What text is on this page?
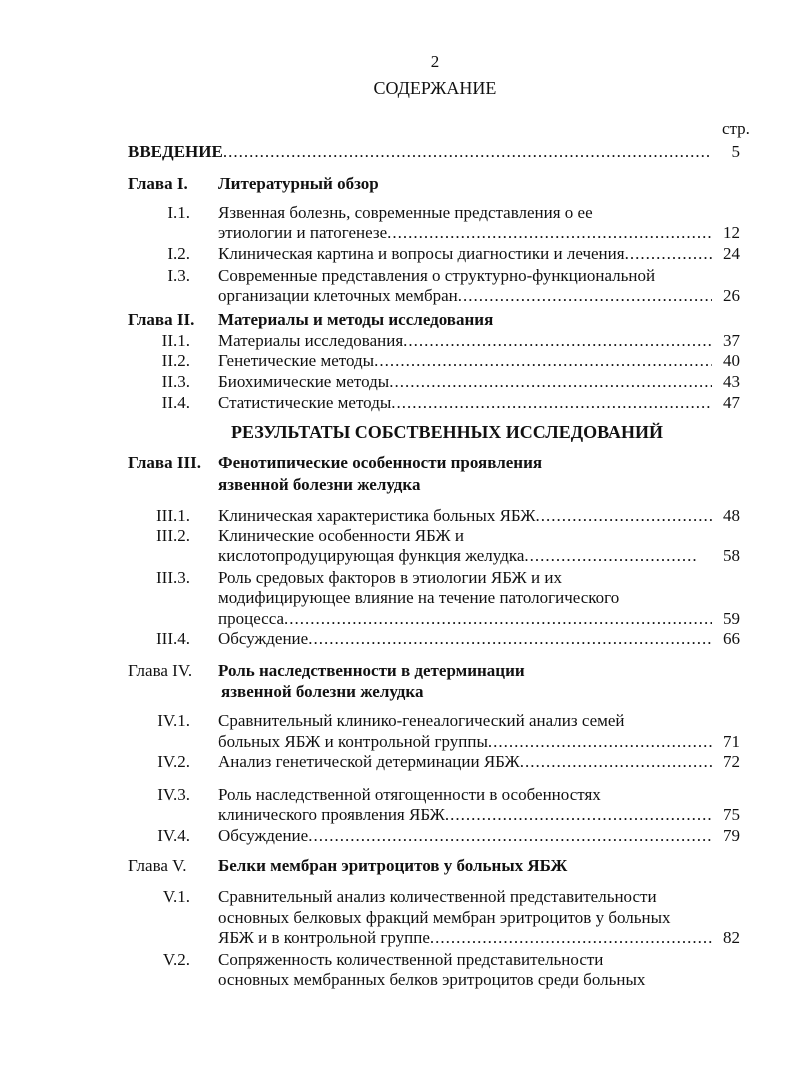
2
СОДЕРЖАНИЕ
стр.
ВВЕДЕНИЕ .....	5
Глава I. Литературный обзор
I.1. Язвенная болезнь, современные представления о ее
этиологии и патогенезе .....	12
I.2. Клиническая картина и вопросы диагностики и лечения .....	24
I.3. Современные представления о структурно-функциональной
организации клеточных мембран .....	26
Глава II. Материалы и методы исследования
II.1. Материалы исследования .....	37
II.2. Генетические методы .....	40
II.3. Биохимические методы .....	43
II.4. Статистические методы .....	47
РЕЗУЛЬТАТЫ СОБСТВЕННЫХ ИССЛЕДОВАНИЙ
Глава III. Фенотипические особенности проявления
язвенной болезни желудка
III.1. Клиническая характеристика больных ЯБЖ .....	48
III.2. Клинические особенности ЯБЖ и
кислотопродуцирующая функция желудка .....	58
III.3. Роль средовых факторов в этиологии ЯБЖ и их
модифицирующее влияние на течение патологического
процесса .....	59
III.4. Обсуждение .....	66
Глава IV. Роль наследственности в детерминации
язвенной болезни желудка
IV.1. Сравнительный клинико-генеалогический анализ семей
больных ЯБЖ и контрольной группы .....	71
IV.2. Анализ генетической детерминации ЯБЖ .....	72
IV.3. Роль наследственной отягощенности в особенностях
клинического проявления ЯБЖ .....	75
IV.4. Обсуждение .....	79
Глава V. Белки мембран эритроцитов у больных ЯБЖ
V.1. Сравнительный анализ количественной представительности
основных белковых фракций мембран эритроцитов у больных
ЯБЖ и в контрольной группе .....	82
V.2. Сопряженность количественной представительности
основных мембранных белков эритроцитов среди больных
